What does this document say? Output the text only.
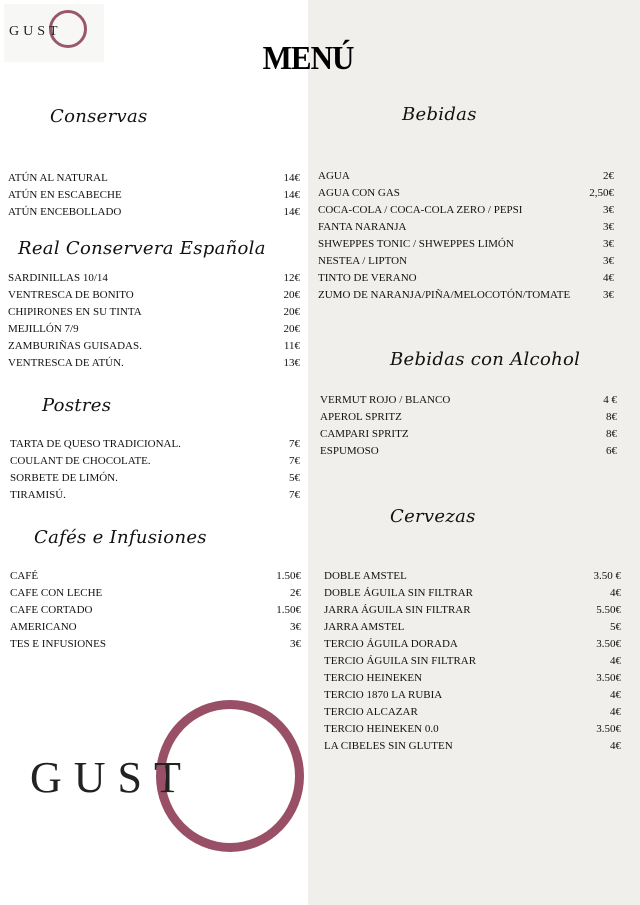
GUST
MENÚ
Conservas
ATÚN AL NATURAL	14€
ATÚN EN ESCABECHE	14€
ATÚN ENCEBOLLADO	14€
Real Conservera Española
SARDINILLAS 10/14	12€
VENTRESCA DE BONITO	20€
CHIPIRONES EN SU TINTA	20€
MEJILLÓN 7/9	20€
ZAMBURIÑAS GUISADAS.	11€
VENTRESCA DE ATÚN.	13€
Postres
TARTA DE QUESO TRADICIONAL.	7€
COULANT DE CHOCOLATE.	7€
SORBETE DE LIMÓN.	5€
TIRAMISÚ.	7€
Cafés e Infusiones
CAFÉ	1.50€
CAFE CON LECHE	2€
CAFE CORTADO	1.50€
AMERICANO	3€
TES E INFUSIONES	3€
Bebidas
AGUA	2€
AGUA CON GAS	2,50€
COCA-COLA / COCA-COLA ZERO / PEPSI	3€
FANTA NARANJA	3€
SHWEPPES TONIC / SHWEPPES LIMÓN	3€
NESTEA / LIPTON	3€
TINTO DE VERANO	4€
ZUMO DE NARANJA/PIÑA/MELOCOTÓN/TOMATE	3€
Bebidas con Alcohol
VERMUT ROJO / BLANCO	4 €
APEROL SPRITZ	8€
CAMPARI SPRITZ	8€
ESPUMOSO	6€
Cervezas
DOBLE AMSTEL	3.50 €
DOBLE ÁGUILA SIN FILTRAR	4€
JARRA ÁGUILA SIN FILTRAR	5.50€
JARRA AMSTEL	5€
TERCIO ÁGUILA DORADA	3.50€
TERCIO ÁGUILA SIN FILTRAR	4€
TERCIO HEINEKEN	3.50€
TERCIO 1870 LA RUBIA	4€
TERCIO ALCAZAR	4€
TERCIO HEINEKEN 0.0	3.50€
LA CIBELES SIN GLUTEN	4€
GUST
